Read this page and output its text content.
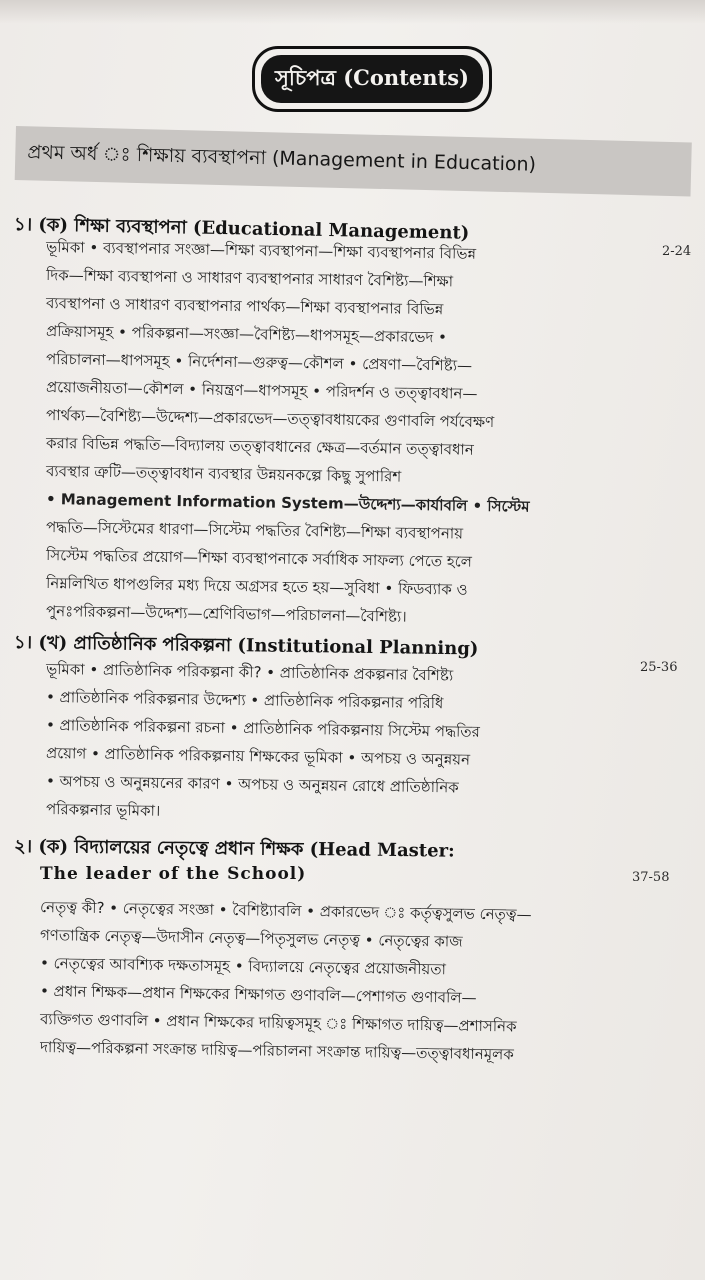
সূচিপত্র (Contents)
প্রথম অর্ধ ঃ শিক্ষায় ব্যবস্থাপনা (Management in Education)
১। (ক) শিক্ষা ব্যবস্থাপনা (Educational Management)
2-24
ভূমিকা • ব্যবস্থাপনার সংজ্ঞা—শিক্ষা ব্যবস্থাপনা—শিক্ষা ব্যবস্থাপনার বিভিন্ন
দিক—শিক্ষা ব্যবস্থাপনা ও সাধারণ ব্যবস্থাপনার সাধারণ বৈশিষ্ট্য—শিক্ষা
ব্যবস্থাপনা ও সাধারণ ব্যবস্থাপনার পার্থক্য—শিক্ষা ব্যবস্থাপনার বিভিন্ন
প্রক্রিয়াসমূহ • পরিকল্পনা—সংজ্ঞা—বৈশিষ্ট্য—ধাপসমূহ—প্রকারভেদ •
পরিচালনা—ধাপসমূহ • নির্দেশনা—গুরুত্ব—কৌশল • প্রেষণা—বৈশিষ্ট্য—
প্রয়োজনীয়তা—কৌশল • নিয়ন্ত্রণ—ধাপসমূহ • পরিদর্শন ও তত্ত্বাবধান—
পার্থক্য—বৈশিষ্ট্য—উদ্দেশ্য—প্রকারভেদ—তত্ত্বাবধায়কের গুণাবলি পর্যবেক্ষণ
করার বিভিন্ন পদ্ধতি—বিদ্যালয় তত্ত্বাবধানের ক্ষেত্র—বর্তমান তত্ত্বাবধান
ব্যবস্থার ত্রুটি—তত্ত্বাবধান ব্যবস্থার উন্নয়নকল্পে কিছু সুপারিশ
• Management Information System—উদ্দেশ্য—কার্যাবলি • সিস্টেম
পদ্ধতি—সিস্টেমের ধারণা—সিস্টেম পদ্ধতির বৈশিষ্ট্য—শিক্ষা ব্যবস্থাপনায়
সিস্টেম পদ্ধতির প্রয়োগ—শিক্ষা ব্যবস্থাপনাকে সর্বাধিক সাফল্য পেতে হলে
নিম্নলিখিত ধাপগুলির মধ্য দিয়ে অগ্রসর হতে হয়—সুবিধা • ফিডব্যাক ও
পুনঃপরিকল্পনা—উদ্দেশ্য—শ্রেণিবিভাগ—পরিচালনা—বৈশিষ্ট্য।
১। (খ) প্রাতিষ্ঠানিক পরিকল্পনা (Institutional Planning)
25-36
ভূমিকা • প্রাতিষ্ঠানিক পরিকল্পনা কী? • প্রাতিষ্ঠানিক প্রকল্পনার বৈশিষ্ট্য
• প্রাতিষ্ঠানিক পরিকল্পনার উদ্দেশ্য • প্রাতিষ্ঠানিক পরিকল্পনার পরিধি
• প্রাতিষ্ঠানিক পরিকল্পনা রচনা • প্রাতিষ্ঠানিক পরিকল্পনায় সিস্টেম পদ্ধতির
প্রয়োগ • প্রাতিষ্ঠানিক পরিকল্পনায় শিক্ষকের ভূমিকা • অপচয় ও অনুন্নয়ন
• অপচয় ও অনুন্নয়নের কারণ • অপচয় ও অনুন্নয়ন রোধে প্রাতিষ্ঠানিক
পরিকল্পনার ভূমিকা।
২। (ক) বিদ্যালয়ের নেতৃত্বে প্রধান শিক্ষক (Head Master:
The leader of the School)	37-58
নেতৃত্ব কী? • নেতৃত্বের সংজ্ঞা • বৈশিষ্ট্যাবলি • প্রকারভেদ ঃ কর্তৃত্বসুলভ নেতৃত্ব—
গণতান্ত্রিক নেতৃত্ব—উদাসীন নেতৃত্ব—পিতৃসুলভ নেতৃত্ব • নেতৃত্বের কাজ
• নেতৃত্বের আবশ্যিক দক্ষতাসমূহ • বিদ্যালয়ে নেতৃত্বের প্রয়োজনীয়তা
• প্রধান শিক্ষক—প্রধান শিক্ষকের শিক্ষাগত গুণাবলি—পেশাগত গুণাবলি—
ব্যক্তিগত গুণাবলি • প্রধান শিক্ষকের দায়িত্বসমূহ ঃ শিক্ষাগত দায়িত্ব—প্রশাসনিক
দায়িত্ব—পরিকল্পনা সংক্রান্ত দায়িত্ব—পরিচালনা সংক্রান্ত দায়িত্ব—তত্ত্বাবধানমূলক
